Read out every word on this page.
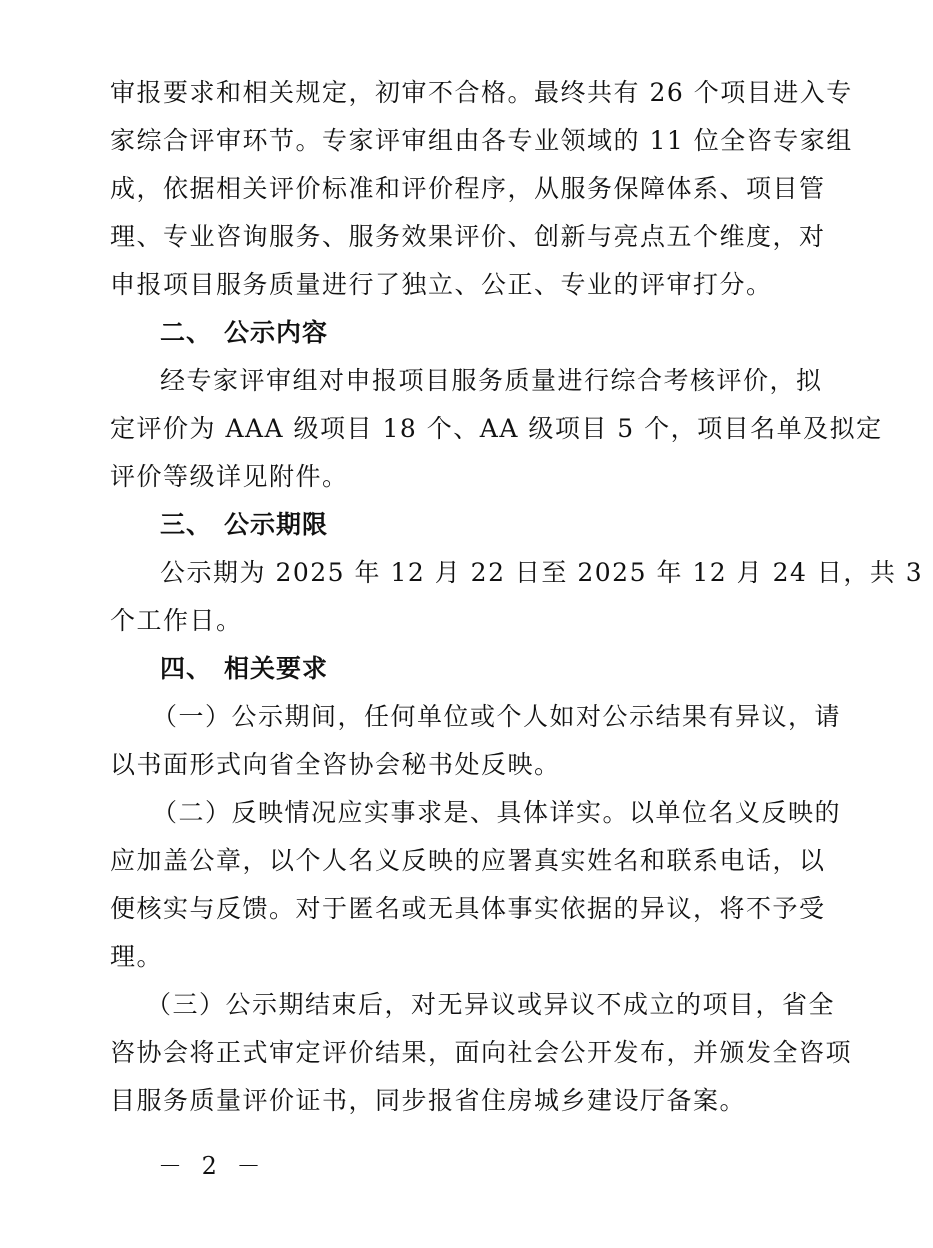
审报要求和相关规定，初审不合格。最终共有 26 个项目进入专
家综合评审环节。专家评审组由各专业领域的 11 位全咨专家组
成，依据相关评价标准和评价程序，从服务保障体系、项目管
理、专业咨询服务、服务效果评价、创新与亮点五个维度，对
申报项目服务质量进行了独立、公正、专业的评审打分。
二、 公示内容
经专家评审组对申报项目服务质量进行综合考核评价，拟
定评价为 AAA 级项目 18 个、AA 级项目 5 个，项目名单及拟定
评价等级详见附件。
三、 公示期限
公示期为 2025 年 12 月 22 日至 2025 年 12 月 24 日，共 3
个工作日。
四、 相关要求
（一）公示期间，任何单位或个人如对公示结果有异议，请
以书面形式向省全咨协会秘书处反映。
（二）反映情况应实事求是、具体详实。以单位名义反映的
应加盖公章，以个人名义反映的应署真实姓名和联系电话，以
便核实与反馈。对于匿名或无具体事实依据的异议，将不予受
理。
（三）公示期结束后，对无异议或异议不成立的项目，省全
咨协会将正式审定评价结果，面向社会公开发布，并颁发全咨项
目服务质量评价证书，同步报省住房城乡建设厅备案。
－ 2 －
